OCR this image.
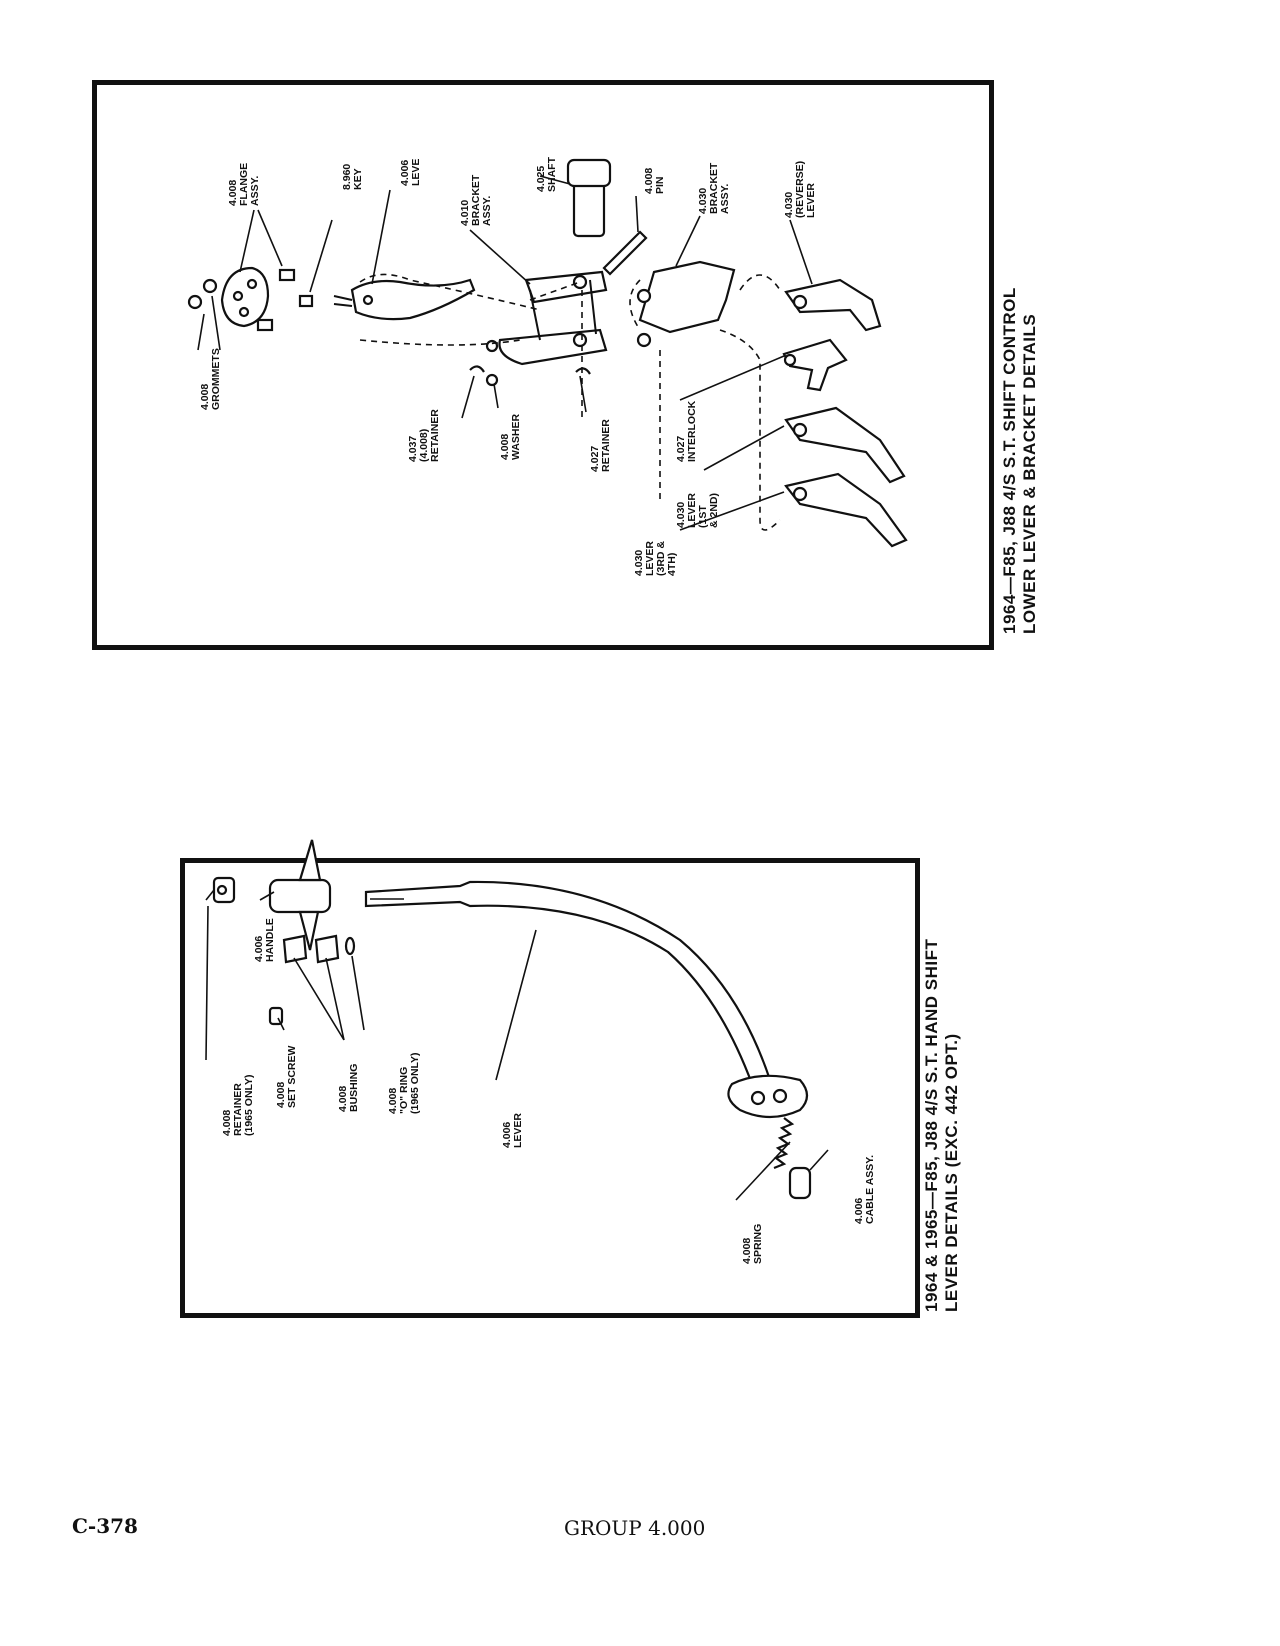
1964—F85, J88 4/S S.T. SHIFT CONTROL LOWER LEVER & BRACKET DETAILS
1964 & 1965—F85, J88 4/S S.T. HAND SHIFT LEVER DETAILS (EXC. 442 OPT.)

4.008 GROMMETS

4.008 FLANGE ASSY.

	8.960 KEY

	4.006 LEVE

4.010 BRACKET ASSY.

4.025 SHAFT

	4.008 PIN

4.030 BRACKET ASSY.

	4.030 (REVERSE) LEVER

4.037 (4.008) RETAINER

	4.008 WASHER

	4.027 RETAINER

	4.027 INTERLOCK

4.030 LEVER (1ST & 2ND)

4.030 LEVER (3RD & 4TH)

4.008 RETAINER (1965 ONLY)

4.006 HANDLE

4.008 SET SCREW

	4.008 BUSHING

	4.008 "O" RING (1965 ONLY)

4.006 LEVER

4.006 CABLE ASSY.

4.008 SPRING

C-378	GROUP 4.000
